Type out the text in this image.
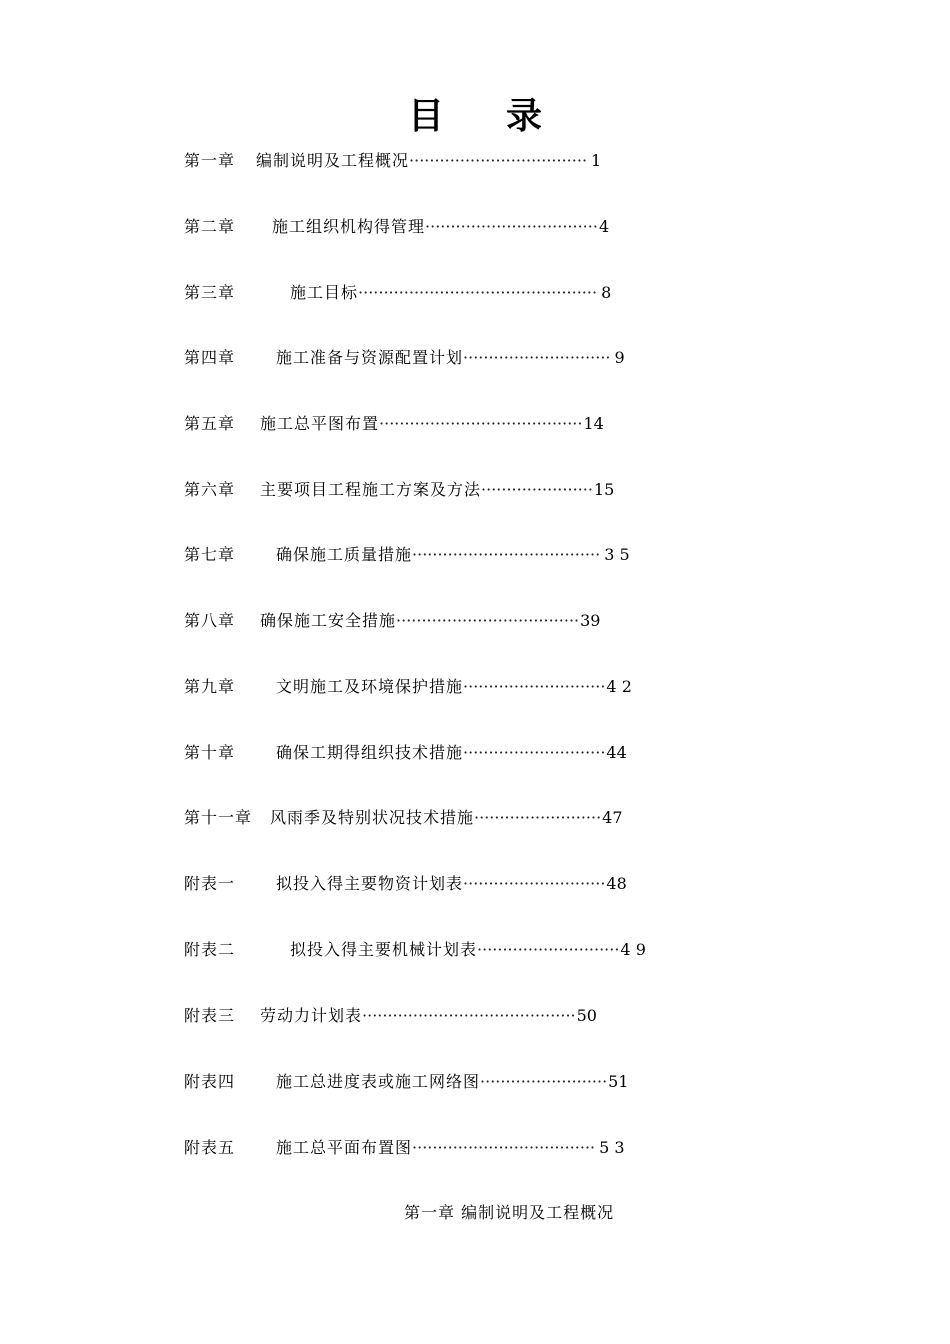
目录
第一章	编制说明及工程概况 ··································· 1
第二章	施工组织机构得管理 ·································· 4
第三章	施工目标 ··············································· 8
第四章	施工准备与资源配置计划 ····························· 9
第五章	施工总平图布置 ········································ 14
第六章	主要项目工程施工方案及方法 ······················ 15
第七章	确保施工质量措施 ····································· 3 5
第八章	确保施工安全措施 ···································· 39
第九章	文明施工及环境保护措施 ···························· 4 2
第十章	确保工期得组织技术措施 ···························· 44
第十一章	风雨季及特别状况技术措施 ························· 47
附表一	拟投入得主要物资计划表 ···························· 48
附表二	拟投入得主要机械计划表 ···························· 4 9
附表三	劳动力计划表 ·········································· 50
附表四	施工总进度表或施工网络图 ························· 51
附表五	施工总平面布置图 ···································· 5 3
第一章 编制说明及工程概况
